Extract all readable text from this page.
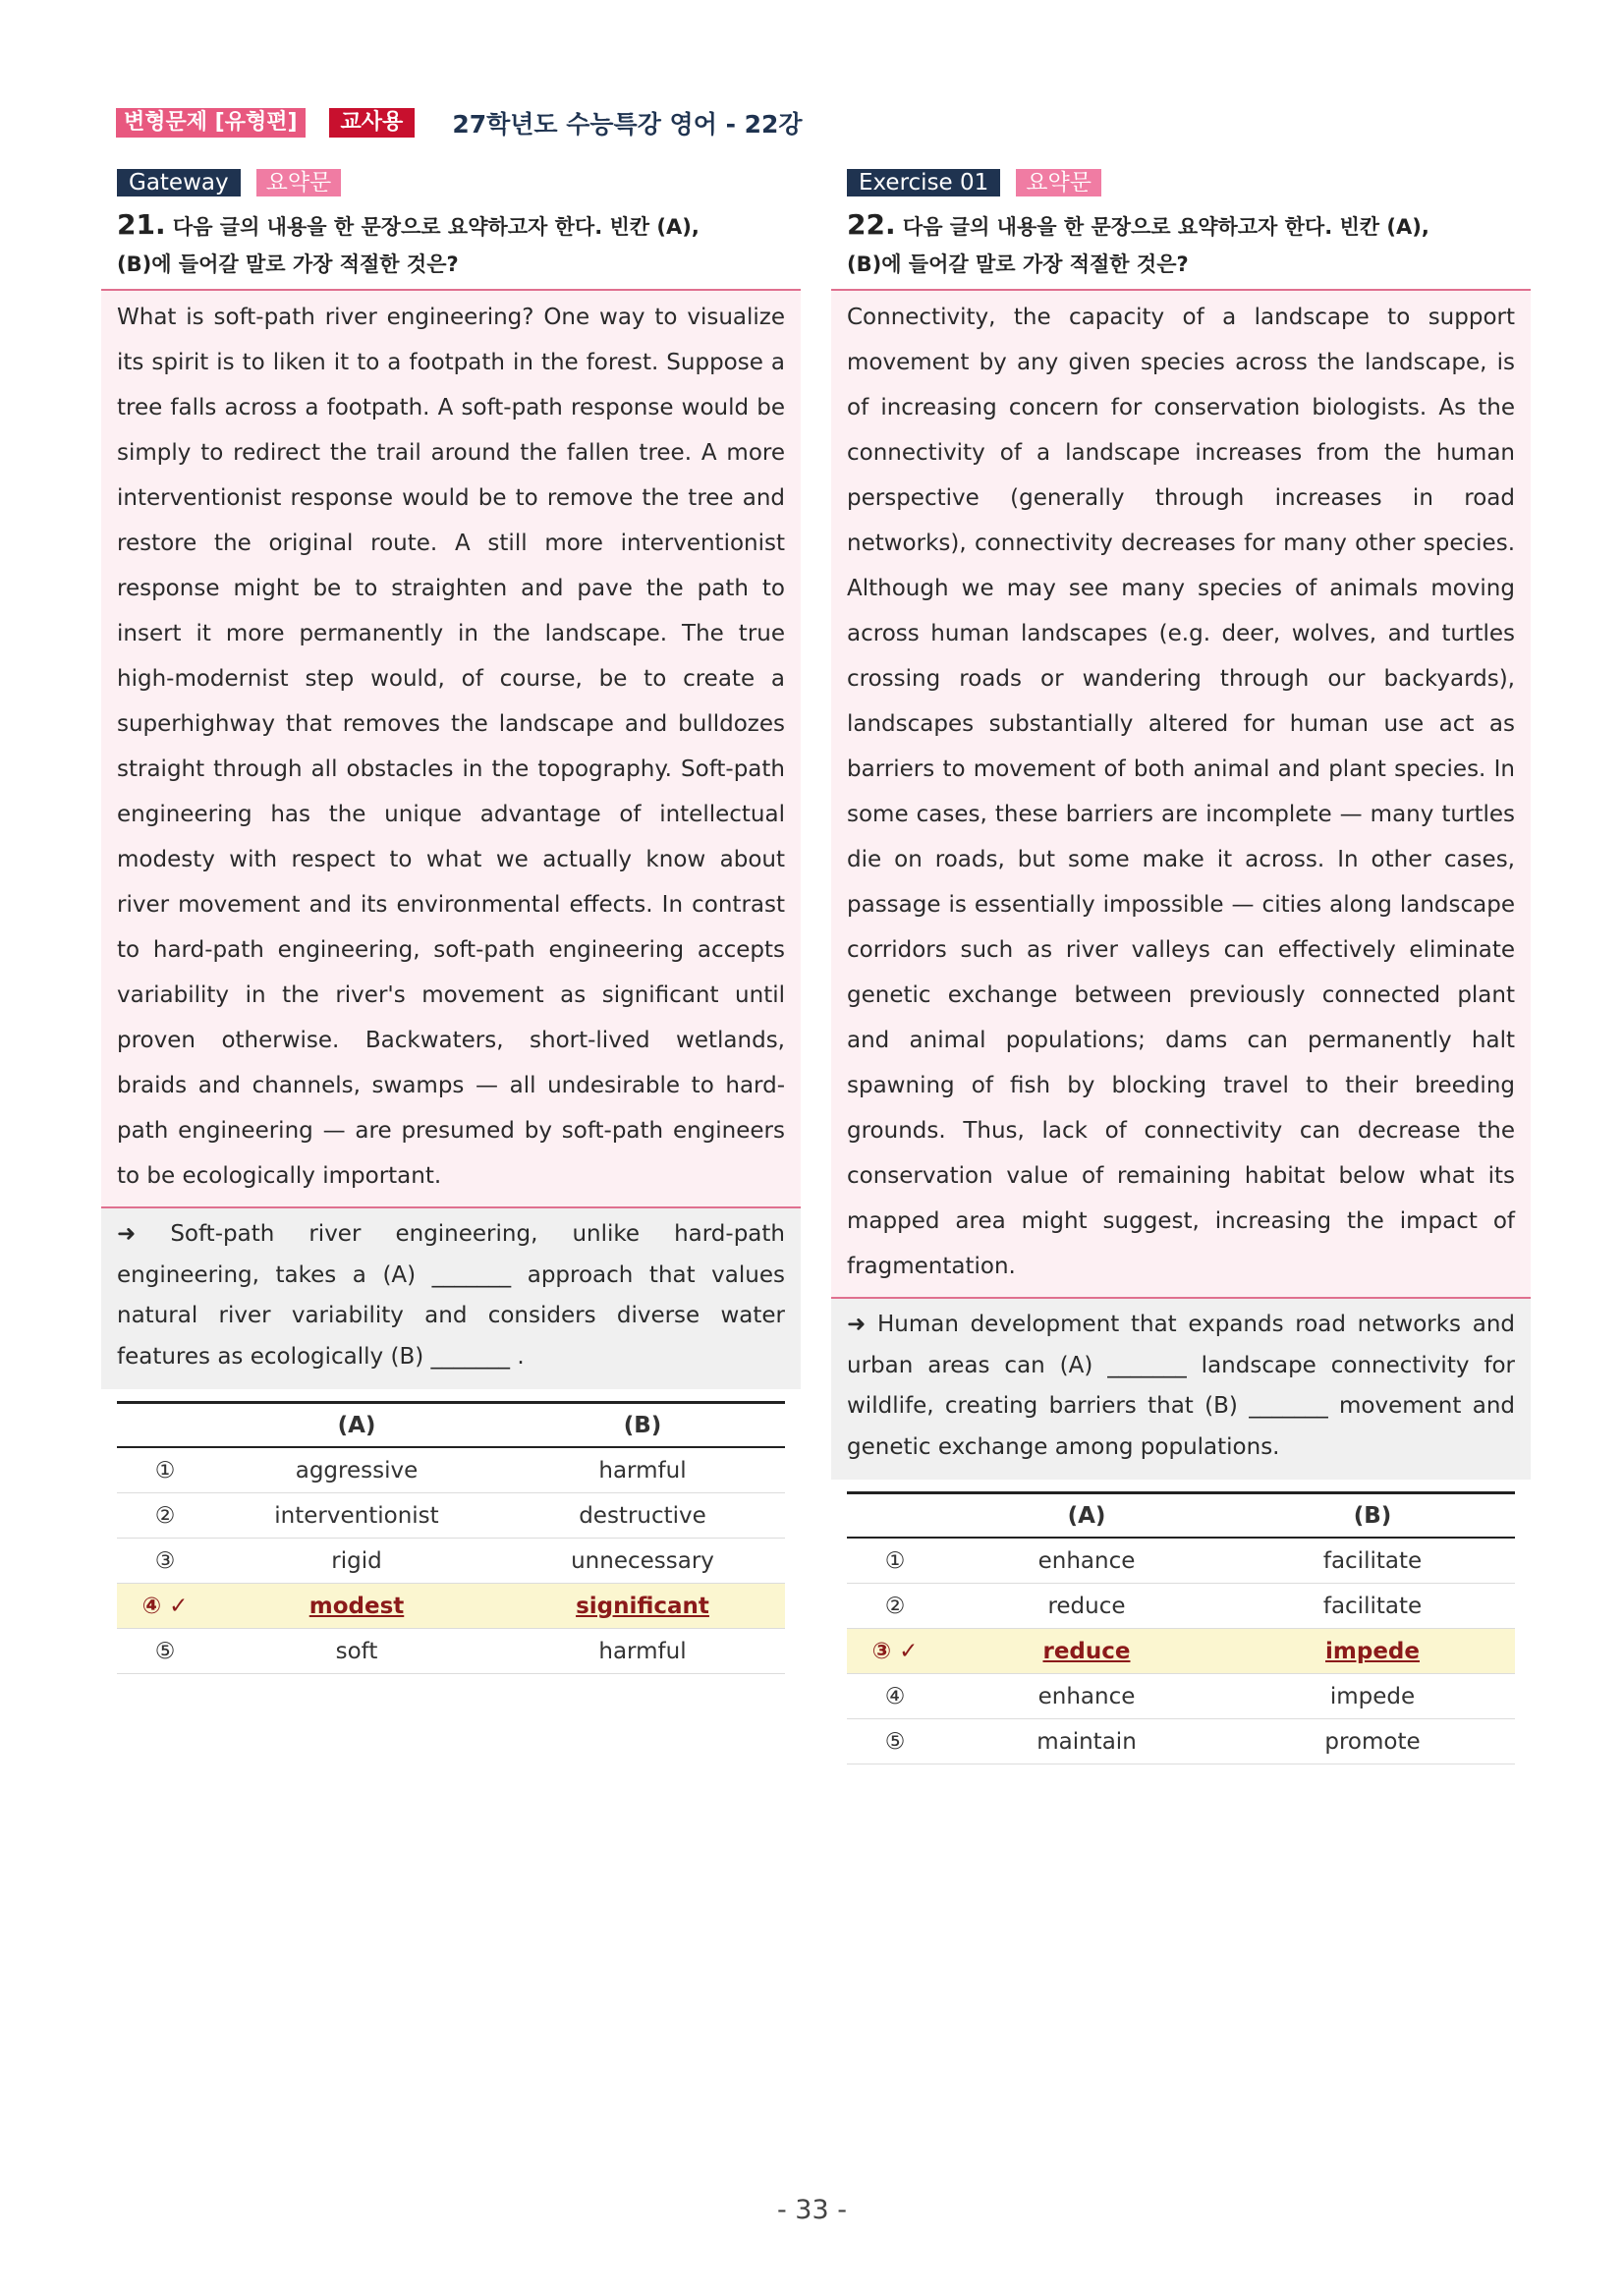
변형문제 [유형편]	교사용	27학년도 수능특강 영어 - 22강
Gateway	요약문
21. 다음 글의 내용을 한 문장으로 요약하고자 한다. 빈칸 (A),
(B)에 들어갈 말로 가장 적절한 것은?
What is soft-path river engineering? One way to visualize its spirit is to liken it to a footpath in the forest. Suppose a tree falls across a footpath. A soft-path response would be simply to redirect the trail around the fallen tree. A more interventionist response would be to remove the tree and restore the original route. A still more interventionist response might be to straighten and pave the path to insert it more permanently in the landscape. The true high-modernist step would, of course, be to create a superhighway that removes the landscape and bulldozes straight through all obstacles in the topography. Soft-path engineering has the unique advantage of intellectual modesty with respect to what we actually know about river movement and its environmental effects. In contrast to hard-path engineering, soft-path engineering accepts variability in the river's movement as significant until proven otherwise. Backwaters, short-lived wetlands, braids and channels, swamps — all undesirable to hard-path engineering — are presumed by soft-path engineers to be ecologically important.
➜ Soft-path river engineering, unlike hard-path engineering, takes a (A) _______ approach that values natural river variability and considers diverse water features as ecologically (B) _______ .
	(A)	(B)
①	aggressive	harmful
②	interventionist	destructive
③	rigid	unnecessary
④ ✓	modest	significant
⑤	soft	harmful
Exercise 01	요약문
22. 다음 글의 내용을 한 문장으로 요약하고자 한다. 빈칸 (A),
(B)에 들어갈 말로 가장 적절한 것은?
Connectivity, the capacity of a landscape to support movement by any given species across the landscape, is of increasing concern for conservation biologists. As the connectivity of a landscape increases from the human perspective (generally through increases in road networks), connectivity decreases for many other species. Although we may see many species of animals moving across human landscapes (e.g. deer, wolves, and turtles crossing roads or wandering through our backyards), landscapes substantially altered for human use act as barriers to movement of both animal and plant species. In some cases, these barriers are incomplete — many turtles die on roads, but some make it across. In other cases, passage is essentially impossible — cities along landscape corridors such as river valleys can effectively eliminate genetic exchange between previously connected plant and animal populations; dams can permanently halt spawning of fish by blocking travel to their breeding grounds. Thus, lack of connectivity can decrease the conservation value of remaining habitat below what its mapped area might suggest, increasing the impact of fragmentation.
➜ Human development that expands road networks and urban areas can (A) _______ landscape connectivity for wildlife, creating barriers that (B) _______ movement and genetic exchange among populations.
	(A)	(B)
①	enhance	facilitate
②	reduce	facilitate
③ ✓	reduce	impede
④	enhance	impede
⑤	maintain	promote
- 33 -
